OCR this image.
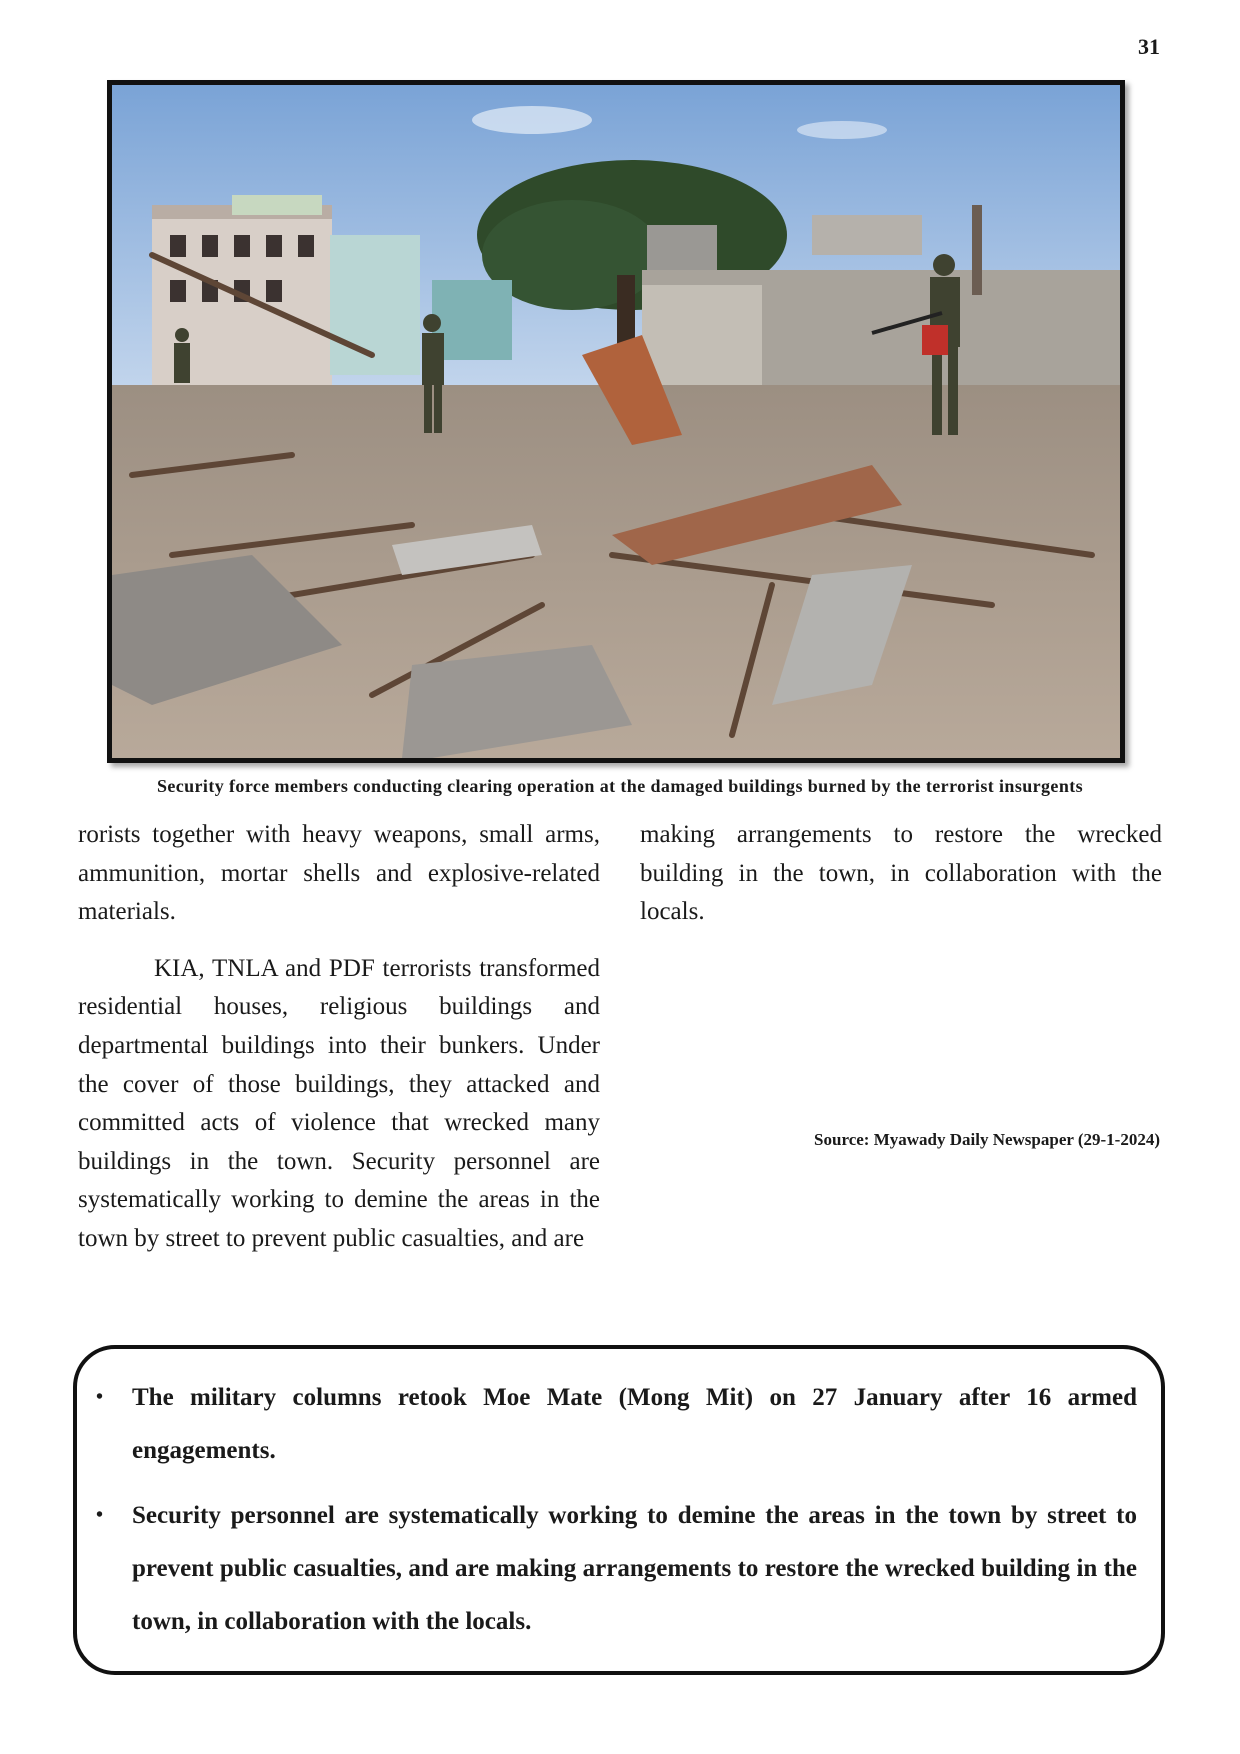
31
Security force members conducting clearing operation at the damaged buildings burned by the terrorist insurgents

rorists together with heavy weapons, small arms, ammunition, mortar shells and explosive-related materials.

KIA, TNLA and PDF terrorists transformed residential houses, religious buildings and departmental buildings into their bunkers. Under the cover of those buildings, they attacked and committed acts of violence that wrecked many buildings in the town. Security personnel are systematically working to demine the areas in the town by street to prevent public casualties, and are

making arrangements to restore the wrecked building in the town, in collaboration with the locals.

Source: Myawady Daily Newspaper (29-1-2024)
• The military columns retook Moe Mate (Mong Mit) on 27 January after 16 armed engagements.
• Security personnel are systematically working to demine the areas in the town by street to prevent public casualties, and are making arrangements to restore the wrecked building in the town, in collaboration with the locals.
